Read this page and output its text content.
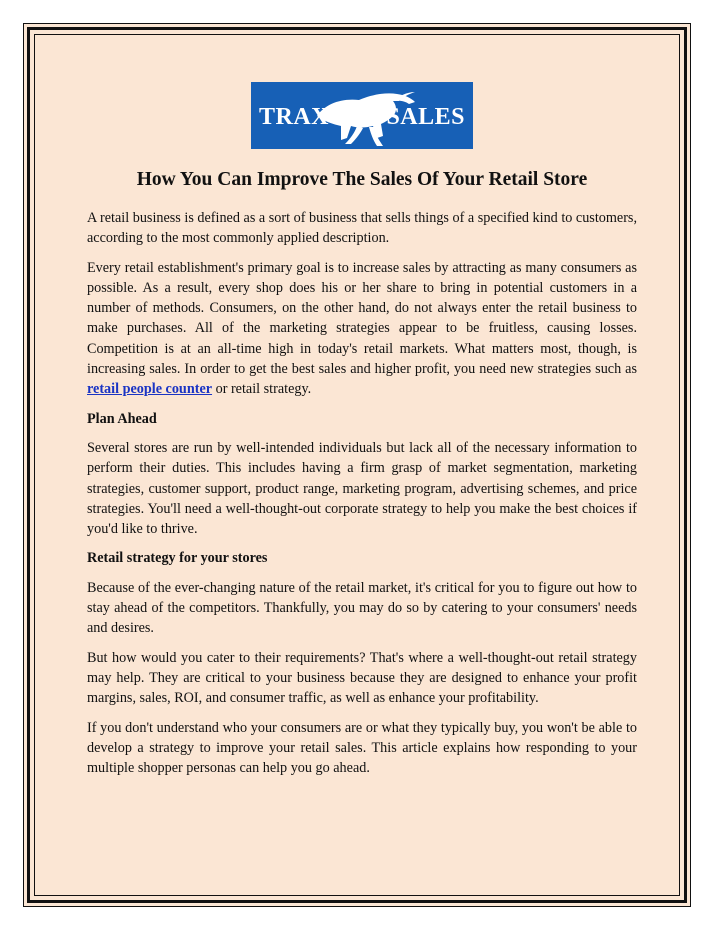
TRAX SALES
How You Can Improve The Sales Of Your Retail Store

A retail business is defined as a sort of business that sells things of a specified kind to customers, according to the most commonly applied description.

Every retail establishment's primary goal is to increase sales by attracting as many consumers as possible. As a result, every shop does his or her share to bring in potential customers in a number of methods. Consumers, on the other hand, do not always enter the retail business to make purchases. All of the marketing strategies appear to be fruitless, causing losses. Competition is at an all-time high in today's retail markets. What matters most, though, is increasing sales. In order to get the best sales and higher profit, you need new strategies such as retail people counter or retail strategy.

Plan Ahead

Several stores are run by well-intended individuals but lack all of the necessary information to perform their duties. This includes having a firm grasp of market segmentation, marketing strategies, customer support, product range, marketing program, advertising schemes, and price strategies. You'll need a well-thought-out corporate strategy to help you make the best choices if you'd like to thrive.

Retail strategy for your stores

Because of the ever-changing nature of the retail market, it's critical for you to figure out how to stay ahead of the competitors. Thankfully, you may do so by catering to your consumers' needs and desires.

But how would you cater to their requirements? That's where a well-thought-out retail strategy may help. They are critical to your business because they are designed to enhance your profit margins, sales, ROI, and consumer traffic, as well as enhance your profitability.

If you don't understand who your consumers are or what they typically buy, you won't be able to develop a strategy to improve your retail sales. This article explains how responding to your multiple shopper personas can help you go ahead.
